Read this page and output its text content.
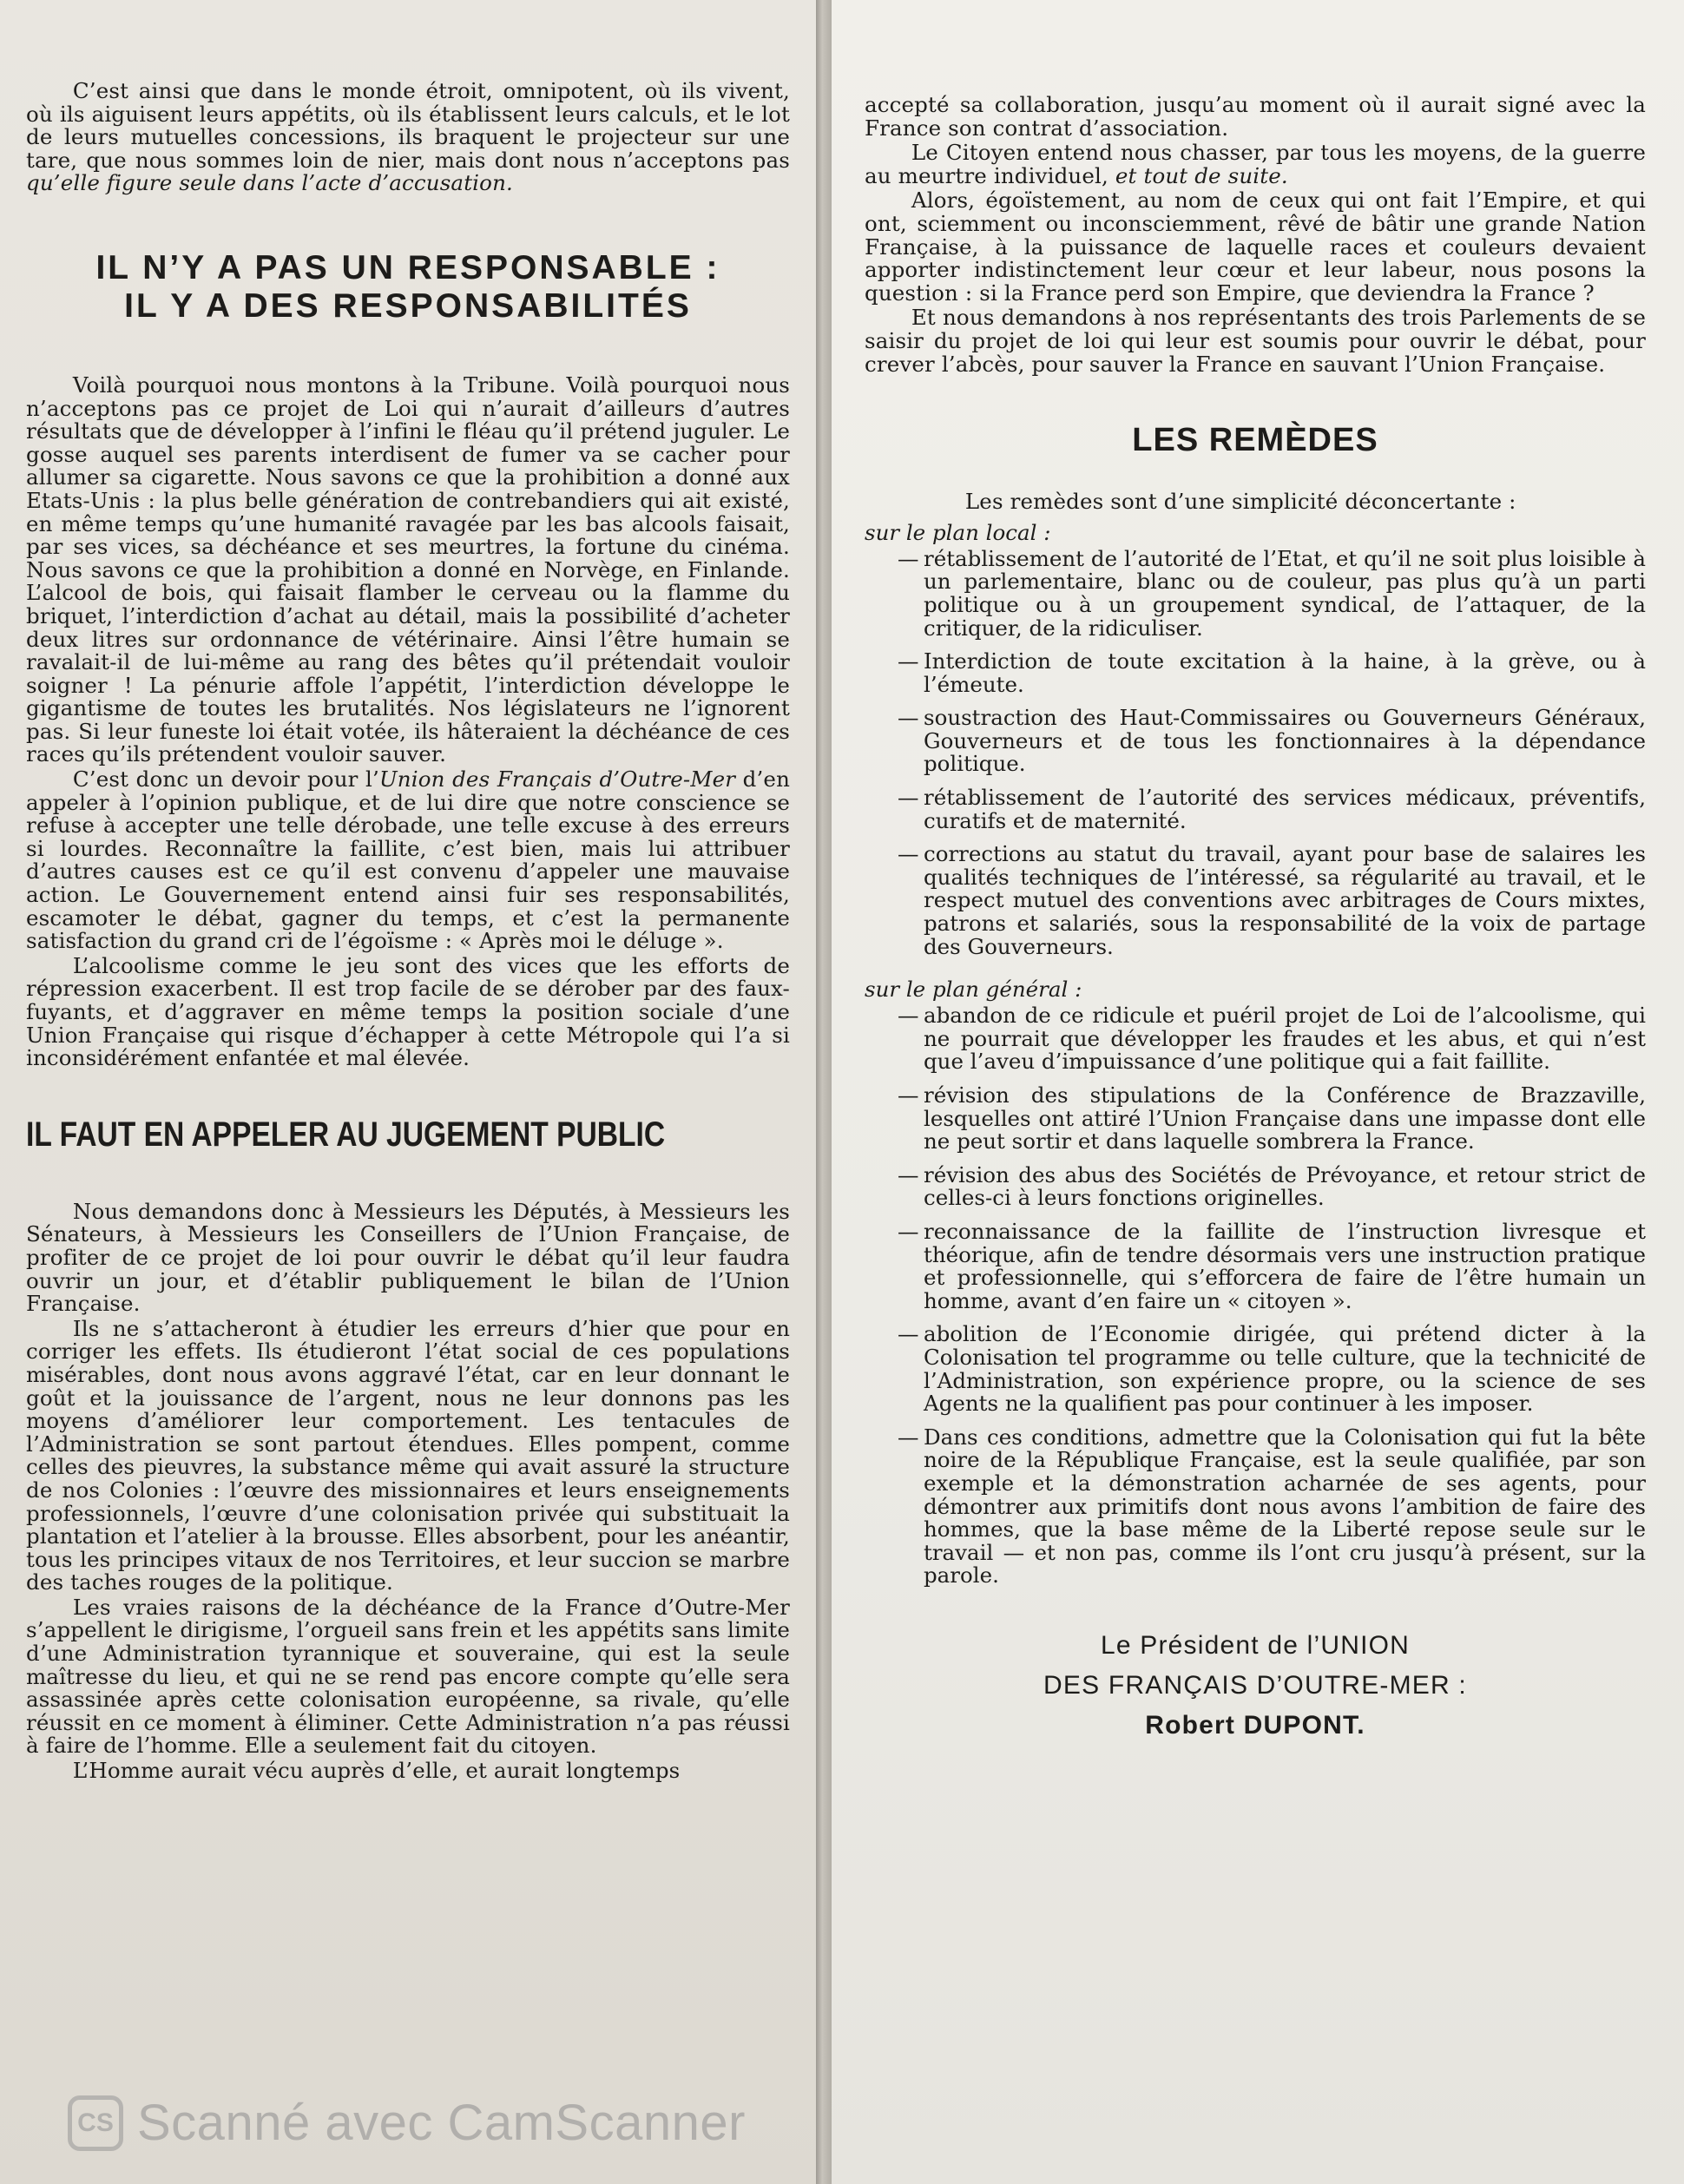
C’est ainsi que dans le monde étroit, omnipotent, où ils vivent, où ils aiguisent leurs appétits, où ils établissent leurs calculs, et le lot de leurs mutuelles concessions, ils braquent le projecteur sur une tare, que nous sommes loin de nier, mais dont nous n’acceptons pas qu’elle figure seule dans l’acte d’accusation.

IL N’Y A PAS UN RESPONSABLE :
IL Y A DES RESPONSABILITÉS

Voilà pourquoi nous montons à la Tribune. Voilà pourquoi nous n’acceptons pas ce projet de Loi qui n’aurait d’ailleurs d’autres résultats que de développer à l’infini le fléau qu’il prétend juguler. Le gosse auquel ses parents interdisent de fumer va se cacher pour allumer sa cigarette. Nous savons ce que la prohibition a donné aux Etats-Unis : la plus belle génération de contrebandiers qui ait existé, en même temps qu’une humanité ravagée par les bas alcools faisait, par ses vices, sa déchéance et ses meurtres, la fortune du cinéma. Nous savons ce que la prohibition a donné en Norvège, en Finlande. L’alcool de bois, qui faisait flamber le cerveau ou la flamme du briquet, l’interdiction d’achat au détail, mais la possibilité d’acheter deux litres sur ordonnance de vétérinaire. Ainsi l’être humain se ravalait-il de lui-même au rang des bêtes qu’il prétendait vouloir soigner ! La pénurie affole l’appétit, l’interdiction développe le gigantisme de toutes les brutalités. Nos législateurs ne l’ignorent pas. Si leur funeste loi était votée, ils hâteraient la déchéance de ces races qu’ils prétendent vouloir sauver.

C’est donc un devoir pour l’Union des Français d’Outre-Mer d’en appeler à l’opinion publique, et de lui dire que notre conscience se refuse à accepter une telle dérobade, une telle excuse à des erreurs si lourdes. Reconnaître la faillite, c’est bien, mais lui attribuer d’autres causes est ce qu’il est convenu d’appeler une mauvaise action. Le Gouvernement entend ainsi fuir ses responsabilités, escamoter le débat, gagner du temps, et c’est la permanente satisfaction du grand cri de l’égoïsme : « Après moi le déluge ».

L’alcoolisme comme le jeu sont des vices que les efforts de répression exacerbent. Il est trop facile de se dérober par des faux-fuyants, et d’aggraver en même temps la position sociale d’une Union Française qui risque d’échapper à cette Métropole qui l’a si inconsidérément enfantée et mal élevée.

IL FAUT EN APPELER AU JUGEMENT PUBLIC

Nous demandons donc à Messieurs les Députés, à Messieurs les Sénateurs, à Messieurs les Conseillers de l’Union Française, de profiter de ce projet de loi pour ouvrir le débat qu’il leur faudra ouvrir un jour, et d’établir publiquement le bilan de l’Union Française.

Ils ne s’attacheront à étudier les erreurs d’hier que pour en corriger les effets. Ils étudieront l’état social de ces populations misérables, dont nous avons aggravé l’état, car en leur donnant le goût et la jouissance de l’argent, nous ne leur donnons pas les moyens d’améliorer leur comportement. Les tentacules de l’Administration se sont partout étendues. Elles pompent, comme celles des pieuvres, la substance même qui avait assuré la structure de nos Colonies : l’œuvre des missionnaires et leurs enseignements professionnels, l’œuvre d’une colonisation privée qui substituait la plantation et l’atelier à la brousse. Elles absorbent, pour les anéantir, tous les principes vitaux de nos Territoires, et leur succion se marbre des taches rouges de la politique.

Les vraies raisons de la déchéance de la France d’Outre-Mer s’appellent le dirigisme, l’orgueil sans frein et les appétits sans limite d’une Administration tyrannique et souveraine, qui est la seule maîtresse du lieu, et qui ne se rend pas encore compte qu’elle sera assassinée après cette colonisation européenne, sa rivale, qu’elle réussit en ce moment à éliminer. Cette Administration n’a pas réussi à faire de l’homme. Elle a seulement fait du citoyen.

L’Homme aurait vécu auprès d’elle, et aurait longtemps

accepté sa collaboration, jusqu’au moment où il aurait signé avec la France son contrat d’association.

Le Citoyen entend nous chasser, par tous les moyens, de la guerre au meurtre individuel, et tout de suite.

Alors, égoïstement, au nom de ceux qui ont fait l’Empire, et qui ont, sciemment ou inconsciemment, rêvé de bâtir une grande Nation Française, à la puissance de laquelle races et couleurs devaient apporter indistinctement leur cœur et leur labeur, nous posons la question : si la France perd son Empire, que deviendra la France ?

Et nous demandons à nos représentants des trois Parlements de se saisir du projet de loi qui leur est soumis pour ouvrir le débat, pour crever l’abcès, pour sauver la France en sauvant l’Union Française.

LES REMÈDES

Les remèdes sont d’une simplicité déconcertante :

sur le plan local :
— rétablissement de l’autorité de l’Etat, et qu’il ne soit plus loisible à un parlementaire, blanc ou de couleur, pas plus qu’à un parti politique ou à un groupement syndical, de l’attaquer, de la critiquer, de la ridiculiser.
— Interdiction de toute excitation à la haine, à la grève, ou à l’émeute.
— soustraction des Haut-Commissaires ou Gouverneurs Généraux, Gouverneurs et de tous les fonctionnaires à la dépendance politique.
— rétablissement de l’autorité des services médicaux, préventifs, curatifs et de maternité.
— corrections au statut du travail, ayant pour base de salaires les qualités techniques de l’intéressé, sa régularité au travail, et le respect mutuel des conventions avec arbitrages de Cours mixtes, patrons et salariés, sous la responsabilité de la voix de partage des Gouverneurs.
sur le plan général :
— abandon de ce ridicule et puéril projet de Loi de l’alcoolisme, qui ne pourrait que développer les fraudes et les abus, et qui n’est que l’aveu d’impuissance d’une politique qui a fait faillite.
— révision des stipulations de la Conférence de Brazzaville, lesquelles ont attiré l’Union Française dans une impasse dont elle ne peut sortir et dans laquelle sombrera la France.
— révision des abus des Sociétés de Prévoyance, et retour strict de celles-ci à leurs fonctions originelles.
— reconnaissance de la faillite de l’instruction livresque et théorique, afin de tendre désormais vers une instruction pratique et professionnelle, qui s’efforcera de faire de l’être humain un homme, avant d’en faire un « citoyen ».
— abolition de l’Economie dirigée, qui prétend dicter à la Colonisation tel programme ou telle culture, que la technicité de l’Administration, son expérience propre, ou la science de ses Agents ne la qualifient pas pour continuer à les imposer.
— Dans ces conditions, admettre que la Colonisation qui fut la bête noire de la République Française, est la seule qualifiée, par son exemple et la démonstration acharnée de ses agents, pour démontrer aux primitifs dont nous avons l’ambition de faire des hommes, que la base même de la Liberté repose seule sur le travail — et non pas, comme ils l’ont cru jusqu’à présent, sur la parole.
Le Président de l’UNION
DES FRANÇAIS D’OUTRE-MER :
Robert DUPONT.
CS Scanné avec CamScanner
